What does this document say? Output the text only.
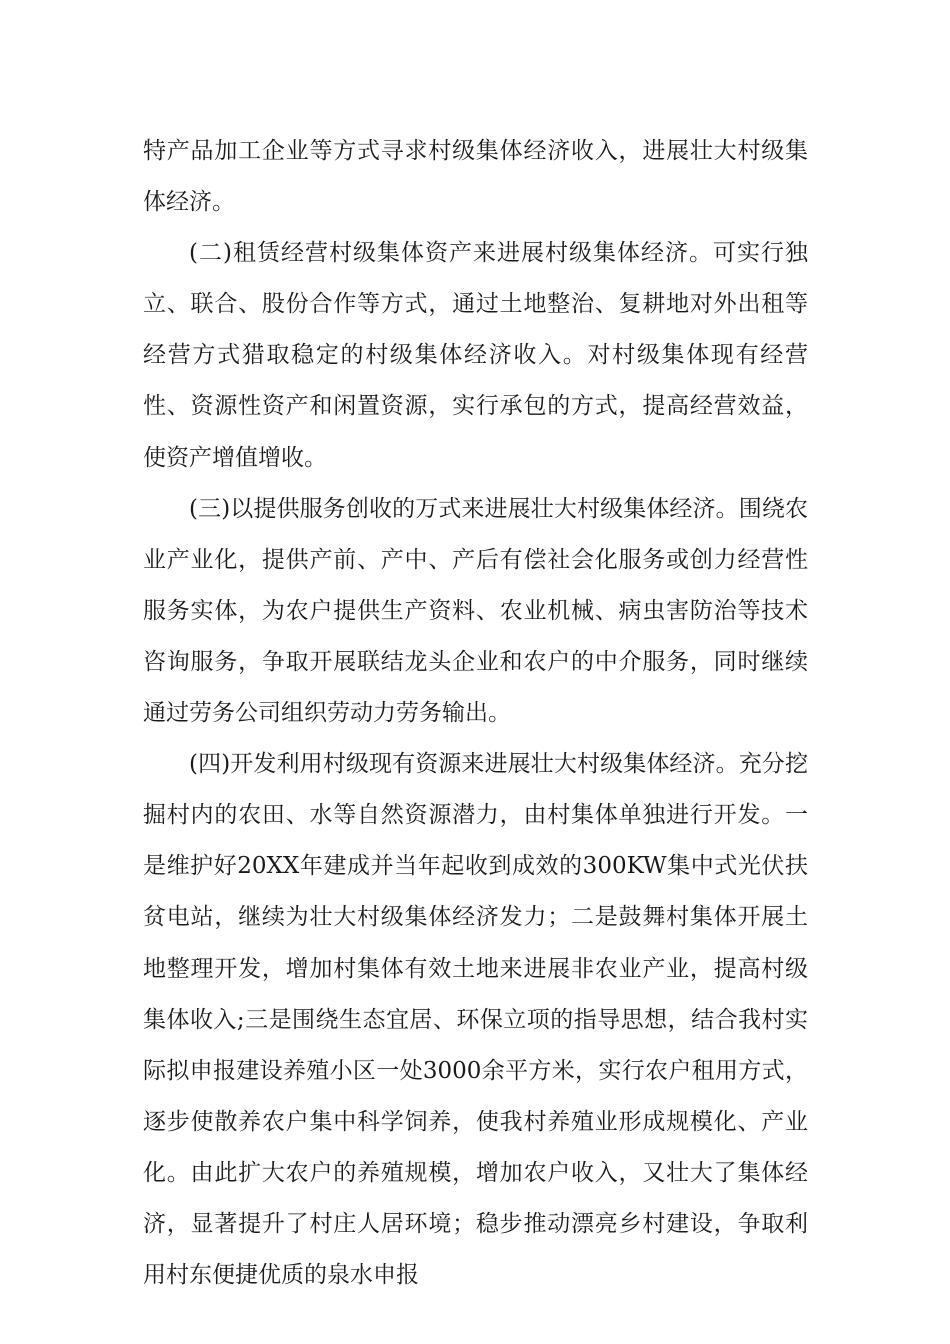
特产品加工企业等方式寻求村级集体经济收入，进展壮大村级集体经济。

(二)租赁经营村级集体资产来进展村级集体经济。可实行独立、联合、股份合作等方式，通过土地整治、复耕地对外出租等经营方式猎取稳定的村级集体经济收入。对村级集体现有经营性、资源性资产和闲置资源，实行承包的方式，提高经营效益，使资产增值增收。

(三)以提供服务创收的万式来进展壮大村级集体经济。围绕农业产业化，提供产前、产中、产后有偿社会化服务或创力经营性服务实体，为农户提供生产资料、农业机械、病虫害防治等技术咨询服务，争取开展联结龙头企业和农户的中介服务，同时继续通过劳务公司组织劳动力劳务输出。

(四)开发利用村级现有资源来进展壮大村级集体经济。充分挖掘村内的农田、水等自然资源潜力，由村集体单独进行开发。一是维护好20XX年建成并当年起收到成效的300KW集中式光伏扶贫电站，继续为壮大村级集体经济发力；二是鼓舞村集体开展土地整理开发，增加村集体有效土地来进展非农业产业，提高村级集体收入;三是围绕生态宜居、环保立项的指导思想，结合我村实际拟申报建设养殖小区一处3000余平方米，实行农户租用方式，逐步使散养农户集中科学饲养，使我村养殖业形成规模化、产业化。由此扩大农户的养殖规模，增加农户收入，又壮大了集体经济，显著提升了村庄人居环境；稳步推动漂亮乡村建设，争取利用村东便捷优质的泉水申报
